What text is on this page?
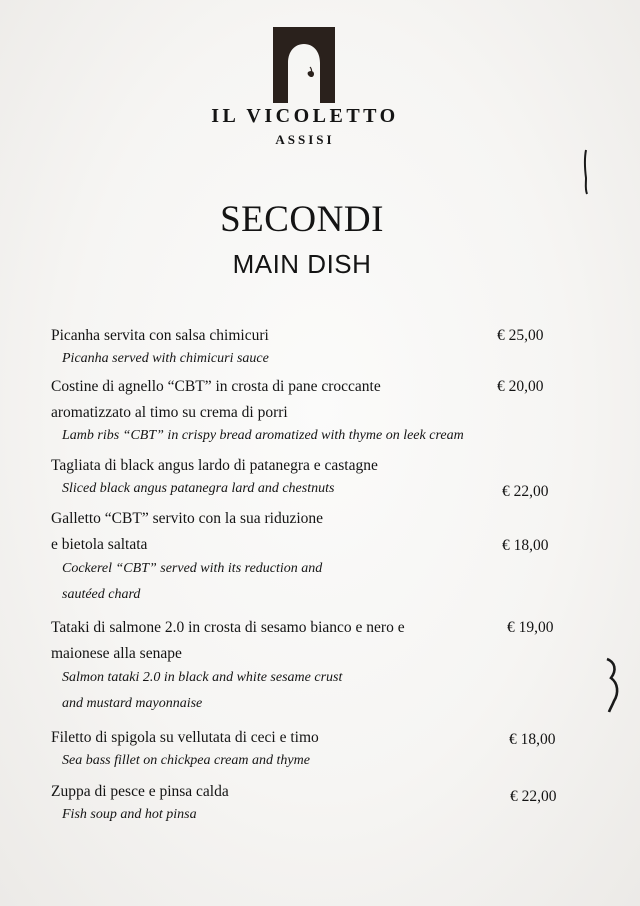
IL VICOLETTO
ASSISI
SECONDI
MAIN DISH
Picanha servita con salsa chimicuri
Picanha served with chimicuri sauce
€ 25,00
Costine di agnello “CBT” in crosta di pane croccante
aromatizzato al timo su crema di porri
Lamb ribs “CBT” in crispy bread aromatized with thyme on leek cream
€ 20,00
Tagliata di black angus lardo di patanegra e castagne
Sliced black angus patanegra lard and chestnuts	€ 22,00
Galletto “CBT” servito con la sua riduzione
e bietola saltata
Cockerel “CBT” served with its reduction and
sautéed chard
€ 18,00
Tataki di salmone 2.0 in crosta di sesamo bianco e nero e
maionese alla senape
Salmon tataki 2.0 in black and white sesame crust
and mustard mayonnaise
€ 19,00
Filetto di spigola su vellutata di ceci e timo
Sea bass fillet on chickpea cream and thyme
€ 18,00
Zuppa di pesce e pinsa calda
Fish soup and hot pinsa
€ 22,00
